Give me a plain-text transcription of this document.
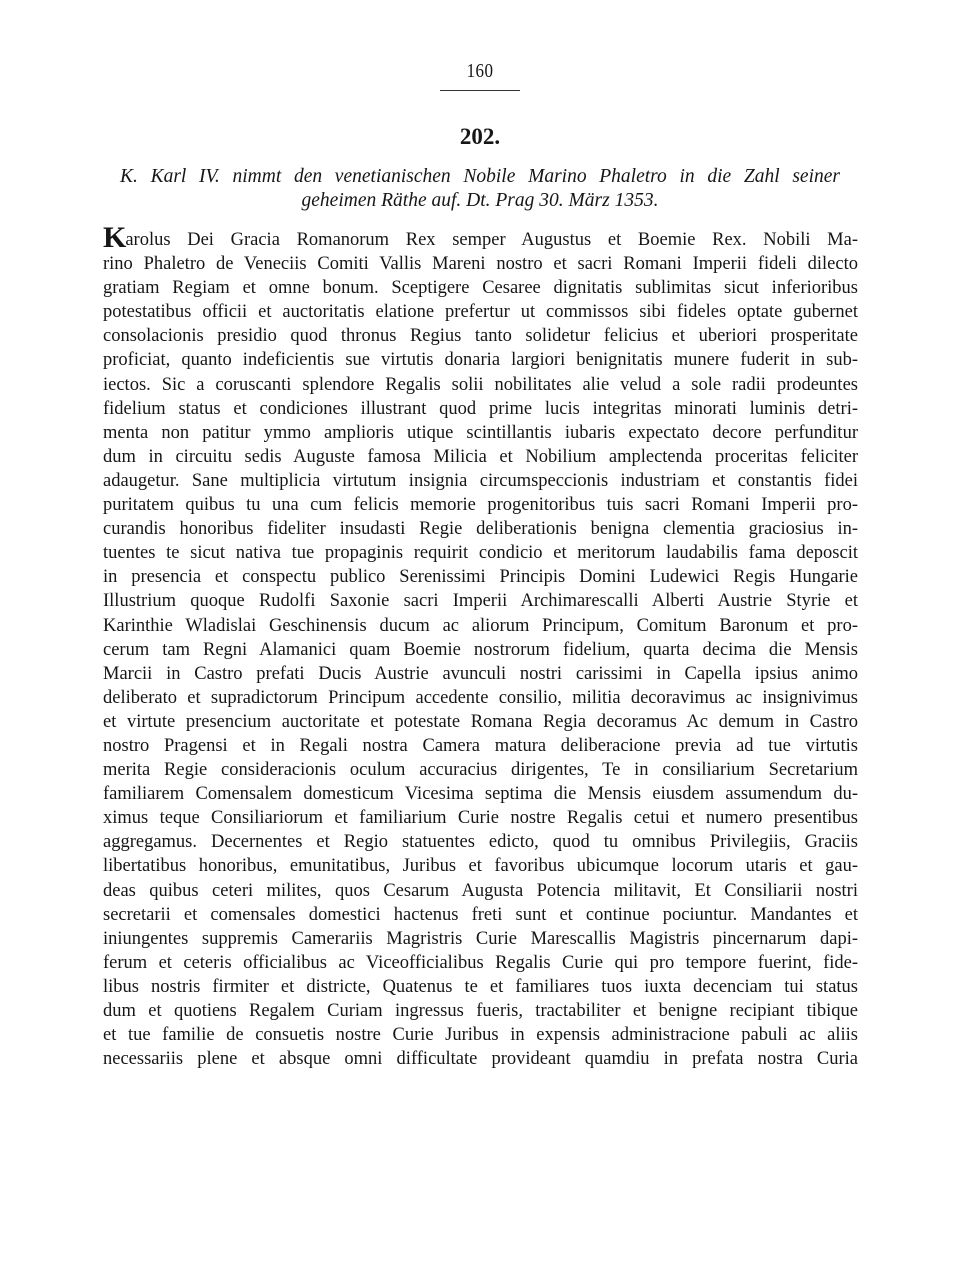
160
202.
K. Karl IV. nimmt den venetianischen Nobile Marino Phaletro in die Zahl seiner
geheimen Räthe auf. Dt. Prag 30. März 1353.
Karolus Dei Gracia Romanorum Rex semper Augustus et Boemie Rex. Nobili Ma-
rino Phaletro de Veneciis Comiti Vallis Mareni nostro et sacri Romani Imperii fideli dilecto
gratiam Regiam et omne bonum. Sceptigere Cesaree dignitatis sublimitas sicut inferioribus
potestatibus officii et auctoritatis elatione prefertur ut commissos sibi fideles optate gubernet
consolacionis presidio quod thronus Regius tanto solidetur felicius et uberiori prosperitate
proficiat, quanto indeficientis sue virtutis donaria largiori benignitatis munere fuderit in sub-
iectos. Sic a coruscanti splendore Regalis solii nobilitates alie velud a sole radii prodeuntes
fidelium status et condiciones illustrant quod prime lucis integritas minorati luminis detri-
menta non patitur ymmo amplioris utique scintillantis iubaris expectato decore perfunditur
dum in circuitu sedis Auguste famosa Milicia et Nobilium amplectenda proceritas feliciter
adaugetur. Sane multiplicia virtutum insignia circumspeccionis industriam et constantis fidei
puritatem quibus tu una cum felicis memorie progenitoribus tuis sacri Romani Imperii pro-
curandis honoribus fideliter insudasti Regie deliberationis benigna clementia graciosius in-
tuentes te sicut nativa tue propaginis requirit condicio et meritorum laudabilis fama deposcit
in presencia et conspectu publico Serenissimi Principis Domini Ludewici Regis Hungarie
Illustrium quoque Rudolfi Saxonie sacri Imperii Archimarescalli Alberti Austrie Styrie et
Karinthie Wladislai Geschinensis ducum ac aliorum Principum, Comitum Baronum et pro-
cerum tam Regni Alamanici quam Boemie nostrorum fidelium, quarta decima die Mensis
Marcii in Castro prefati Ducis Austrie avunculi nostri carissimi in Capella ipsius animo
deliberato et supradictorum Principum accedente consilio, militia decoravimus ac insignivimus
et virtute presencium auctoritate et potestate Romana Regia decoramus Ac demum in Castro
nostro Pragensi et in Regali nostra Camera matura deliberacione previa ad tue virtutis
merita Regie consideracionis oculum accuracius dirigentes, Te in consiliarium Secretarium
familiarem Comensalem domesticum Vicesima septima die Mensis eiusdem assumendum du-
ximus teque Consiliariorum et familiarium Curie nostre Regalis cetui et numero presentibus
aggregamus. Decernentes et Regio statuentes edicto, quod tu omnibus Privilegiis, Graciis
libertatibus honoribus, emunitatibus, Juribus et favoribus ubicumque locorum utaris et gau-
deas quibus ceteri milites, quos Cesarum Augusta Potencia militavit, Et Consiliarii nostri
secretarii et comensales domestici hactenus freti sunt et continue pociuntur. Mandantes et
iniungentes suppremis Camerariis Magristris Curie Marescallis Magistris pincernarum dapi-
ferum et ceteris officialibus ac Viceofficialibus Regalis Curie qui pro tempore fuerint, fide-
libus nostris firmiter et districte, Quatenus te et familiares tuos iuxta decenciam tui status
dum et quotiens Regalem Curiam ingressus fueris, tractabiliter et benigne recipiant tibique
et tue familie de consuetis nostre Curie Juribus in expensis administracione pabuli ac aliis
necessariis plene et absque omni difficultate provideant quamdiu in prefata nostra Curia
